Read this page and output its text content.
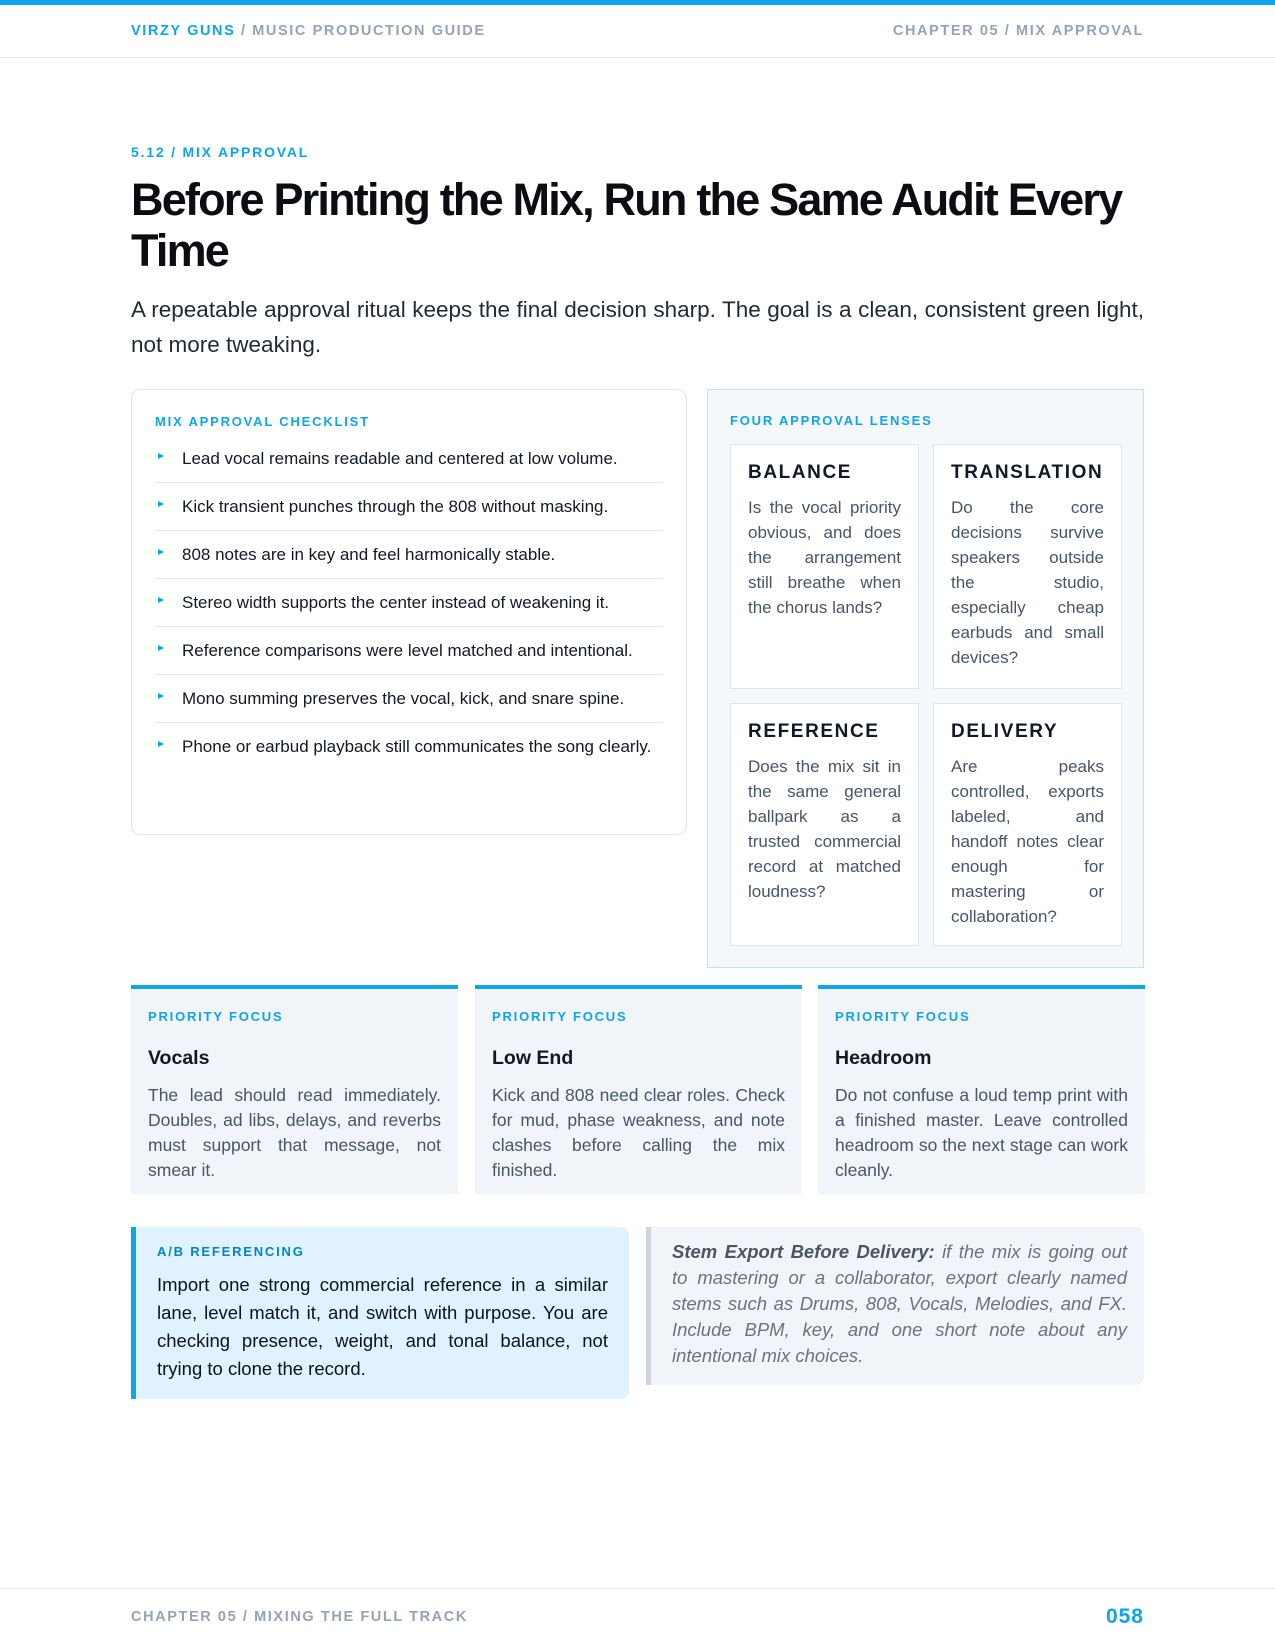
VIRZY GUNS / MUSIC PRODUCTION GUIDE	CHAPTER 05 / MIX APPROVAL
5.12 / MIX APPROVAL
Before Printing the Mix, Run the Same Audit Every Time

A repeatable approval ritual keeps the final decision sharp. The goal is a clean, consistent green light, not more tweaking.

MIX APPROVAL CHECKLIST
Lead vocal remains readable and centered at low volume.
Kick transient punches through the 808 without masking.
808 notes are in key and feel harmonically stable.
Stereo width supports the center instead of weakening it.
Reference comparisons were level matched and intentional.
Mono summing preserves the vocal, kick, and snare spine.
Phone or earbud playback still communicates the song clearly.
FOUR APPROVAL LENSES
BALANCE

Is the vocal priority obvious, and does the arrangement still breathe when the chorus lands?

TRANSLATION

Do the core decisions survive speakers outside the studio, especially cheap earbuds and small devices?

REFERENCE

Does the mix sit in the same general ballpark as a trusted commercial record at matched loudness?

DELIVERY

Are peaks controlled, exports labeled, and handoff notes clear enough for mastering or collaboration?

PRIORITY FOCUS
Vocals

The lead should read immediately. Doubles, ad libs, delays, and reverbs must support that message, not smear it.

PRIORITY FOCUS
Low End

Kick and 808 need clear roles. Check for mud, phase weakness, and note clashes before calling the mix finished.

PRIORITY FOCUS
Headroom

Do not confuse a loud temp print with a finished master. Leave controlled headroom so the next stage can work cleanly.

A/B REFERENCING

Import one strong commercial reference in a similar lane, level match it, and switch with purpose. You are checking presence, weight, and tonal balance, not trying to clone the record.

Stem Export Before Delivery: if the mix is going out to mastering or a collaborator, export clearly named stems such as Drums, 808, Vocals, Melodies, and FX. Include BPM, key, and one short note about any intentional mix choices.

CHAPTER 05 / MIXING THE FULL TRACK	058
